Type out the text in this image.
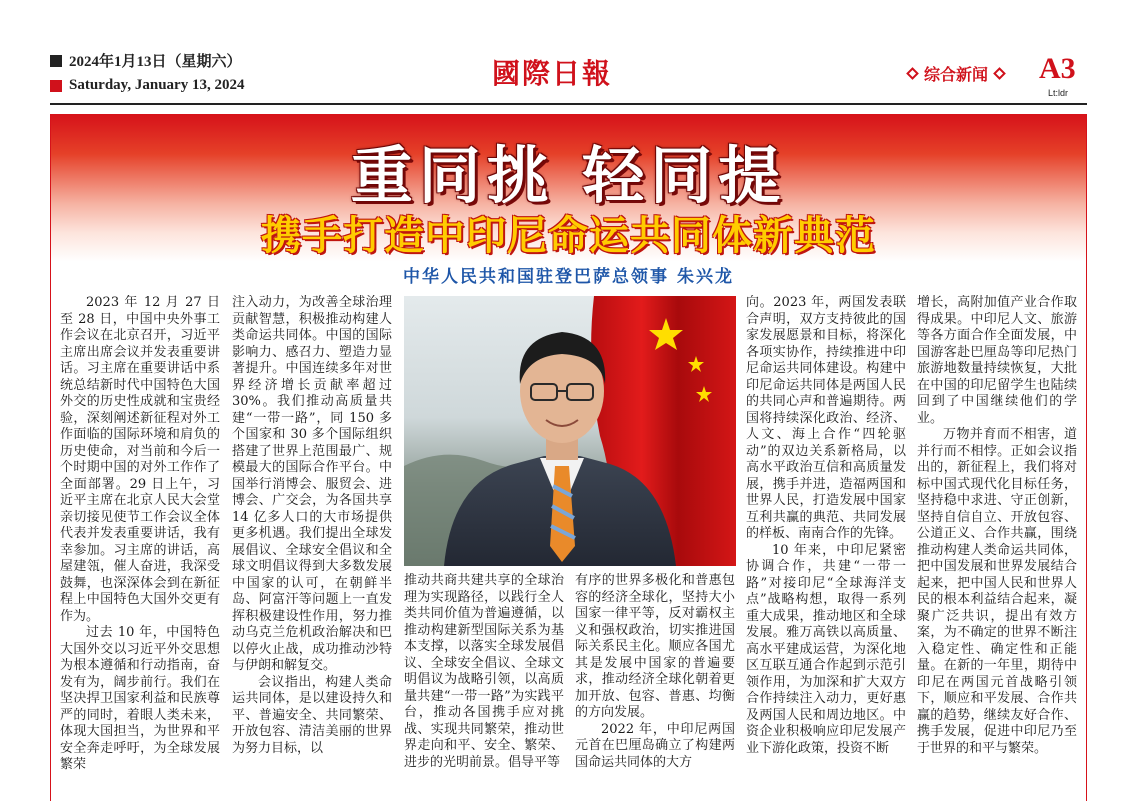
2024年1月13日（星期六）
Saturday, January 13, 2024	國際日報	综合新闻 A3
Lt:ldr
重同挑 轻同提
携手打造中印尼命运共同体新典范
中华人民共和国驻登巴萨总领事 朱兴龙

2023 年 12 月 27 日至 28 日，中国中央外事工作会议在北京召开，习近平主席出席会议并发表重要讲话。习主席在重要讲话中系统总结新时代中国特色大国外交的历史性成就和宝贵经验，深刻阐述新征程对外工作面临的国际环境和肩负的历史使命，对当前和今后一个时期中国的对外工作作了全面部署。29 日上午，习近平主席在北京人民大会堂亲切接见使节工作会议全体代表并发表重要讲话，我有幸参加。习主席的讲话，高屋建瓴，催人奋进，我深受鼓舞，也深深体会到在新征程上中国特色大国外交更有作为。

过去 10 年，中国特色大国外交以习近平外交思想为根本遵循和行动指南，奋发有为，阔步前行。我们在坚决捍卫国家利益和民族尊严的同时，着眼人类未来，体现大国担当，为世界和平安全奔走呼吁，为全球发展繁荣

注入动力，为改善全球治理贡献智慧，积极推动构建人类命运共同体。中国的国际影响力、感召力、塑造力显著提升。中国连续多年对世界经济增长贡献率超过 30%。我们推动高质量共建“一带一路”，同 150 多个国家和 30 多个国际组织搭建了世界上范围最广、规模最大的国际合作平台。中国举行消博会、服贸会、进博会、广交会，为各国共享 14 亿多人口的大市场提供更多机遇。我们提出全球发展倡议、全球安全倡议和全球文明倡议得到大多数发展中国家的认可，在朝鲜半岛、阿富汗等问题上一直发挥积极建设性作用，努力推动乌克兰危机政治解决和巴以停火止战，成功推动沙特与伊朗和解复交。

会议指出，构建人类命运共同体，是以建设持久和平、普遍安全、共同繁荣、开放包容、清洁美丽的世界为努力目标，以

推动共商共建共享的全球治理为实现路径，以践行全人类共同价值为普遍遵循，以推动构建新型国际关系为基本支撑，以落实全球发展倡议、全球安全倡议、全球文明倡议为战略引领，以高质量共建“一带一路”为实践平台，推动各国携手应对挑战、实现共同繁荣，推动世界走向和平、安全、繁荣、进步的光明前景。倡导平等

有序的世界多极化和普惠包容的经济全球化，坚持大小国家一律平等，反对霸权主义和强权政治，切实推进国际关系民主化。顺应各国尤其是发展中国家的普遍要求，推动经济全球化朝着更加开放、包容、普惠、均衡的方向发展。

2022 年，中印尼两国元首在巴厘岛确立了构建两国命运共同体的大方

向。2023 年，两国发表联合声明，双方支持彼此的国家发展愿景和目标，将深化各项实协作，持续推进中印尼命运共同体建设。构建中印尼命运共同体是两国人民的共同心声和普遍期待。两国将持续深化政治、经济、人文、海上合作“四轮驱动”的双边关系新格局，以高水平政治互信和高质量发展，携手并进，造福两国和世界人民，打造发展中国家互利共赢的典范、共同发展的样板、南南合作的先锋。

10 年来，中印尼紧密协调合作，共建“一带一路”对接印尼“全球海洋支点”战略构想，取得一系列重大成果，推动地区和全球发展。雅万高铁以高质量、高水平建成运营，为深化地区互联互通合作起到示范引领作用，为加深和扩大双方合作持续注入动力，更好惠及两国人民和周边地区。中资企业积极响应印尼发展产业下游化政策，投资不断

增长，高附加值产业合作取得成果。中印尼人文、旅游等各方面合作全面发展，中国游客赴巴厘岛等印尼热门旅游地数量持续恢复，大批在中国的印尼留学生也陆续回到了中国继续他们的学业。

万物并育而不相害，道并行而不相悖。正如会议指出的，新征程上，我们将对标中国式现代化目标任务，坚持稳中求进、守正创新，坚持自信自立、开放包容、公道正义、合作共赢，围绕推动构建人类命运共同体，把中国发展和世界发展结合起来，把中国人民和世界人民的根本利益结合起来，凝聚广泛共识，提出有效方案，为不确定的世界不断注入稳定性、确定性和正能量。在新的一年里，期待中印尼在两国元首战略引领下，顺应和平发展、合作共赢的趋势，继续友好合作、携手发展，促进中印尼乃至于世界的和平与繁荣。
